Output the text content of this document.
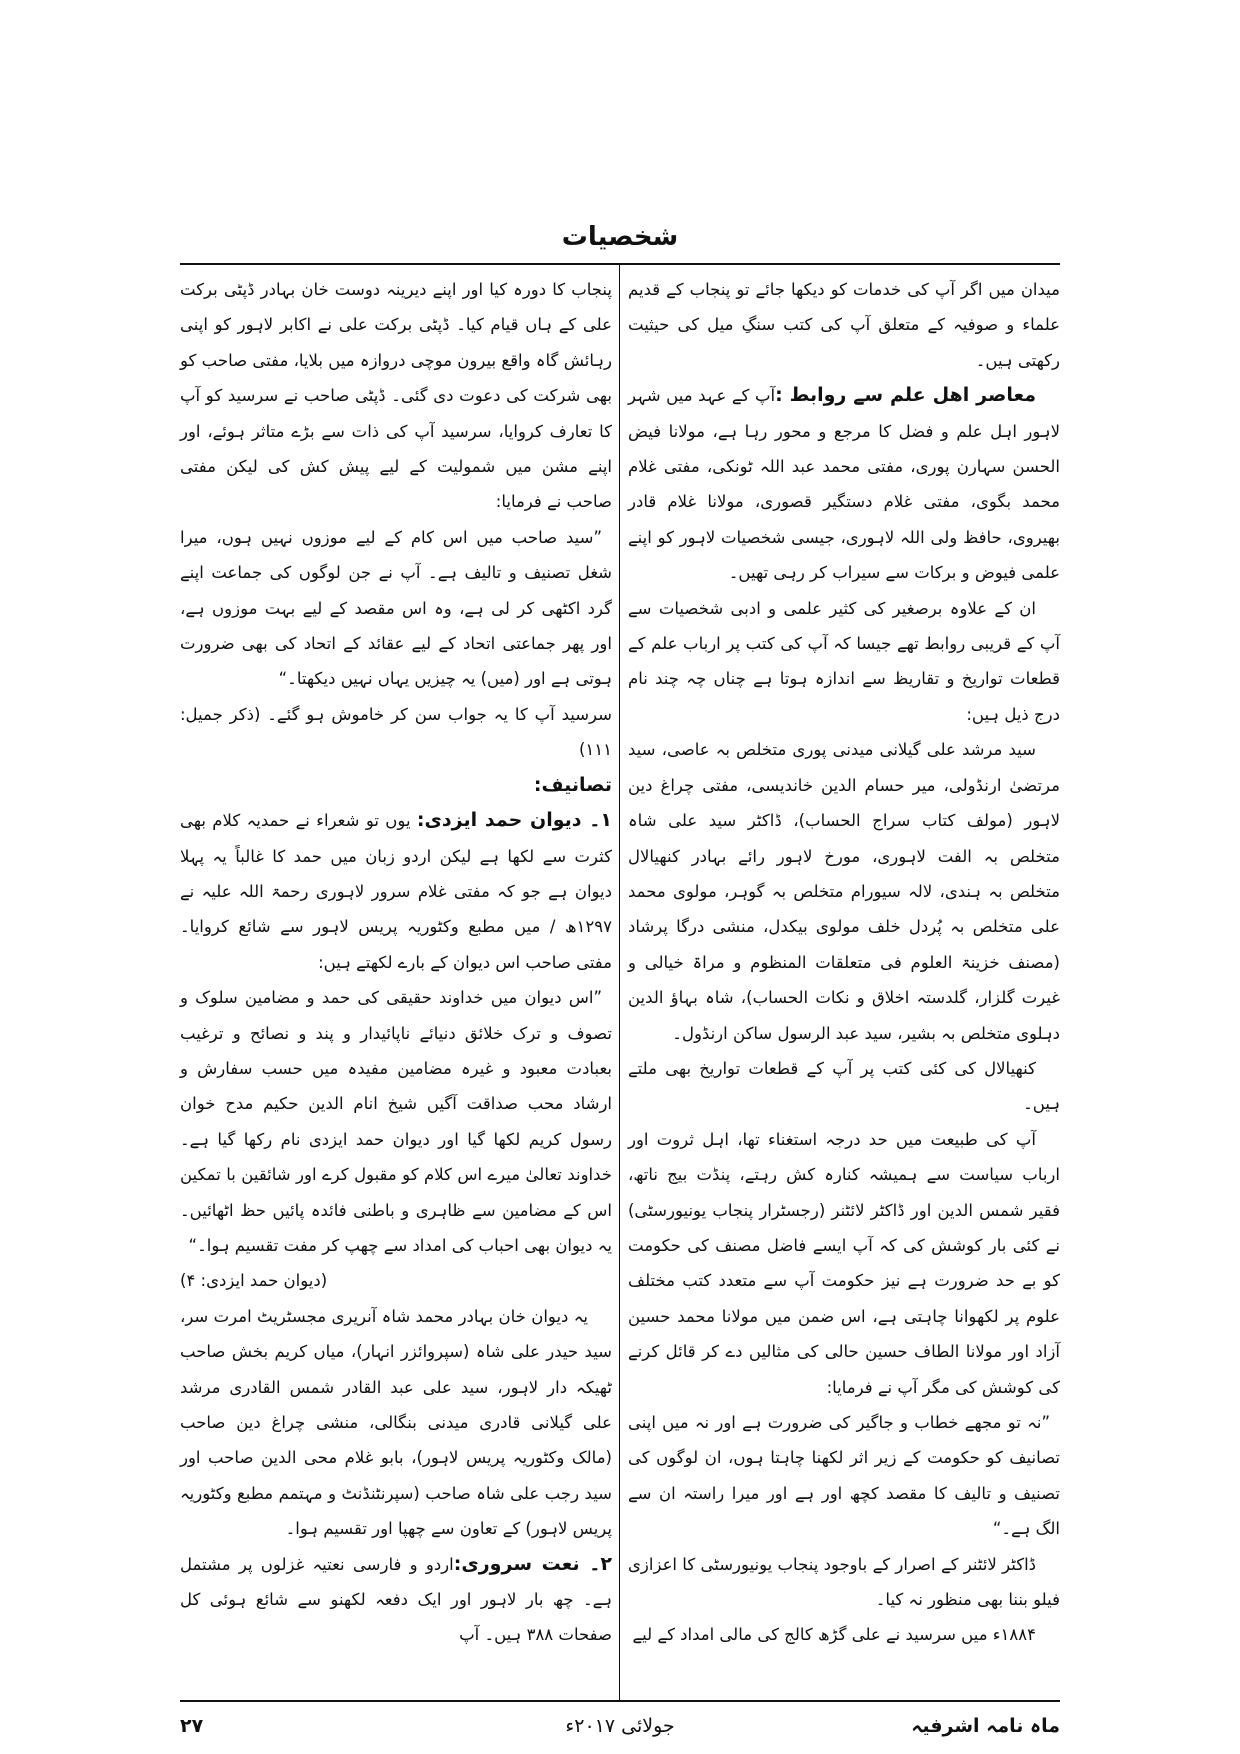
شخصیات

میدان میں اگر آپ کی خدمات کو دیکھا جائے تو پنجاب کے قدیم علماء و صوفیہ کے متعلق آپ کی کتب سنگِ میل کی حیثیت رکھتی ہیں۔

معاصر اھل علم سے روابط :آپ کے عہد میں شہر لاہور اہل علم و فضل کا مرجع و محور رہا ہے، مولانا فیض الحسن سہارن پوری، مفتی محمد عبد اللہ ٹونکی، مفتی غلام محمد بگوی، مفتی غلام دستگیر قصوری، مولانا غلام قادر بھیروی، حافظ ولی اللہ لاہوری، جیسی شخصیات لاہور کو اپنے علمی فیوض و برکات سے سیراب کر رہی تھیں۔

ان کے علاوہ برصغیر کی کثیر علمی و ادبی شخصیات سے آپ کے قریبی روابط تھے جیسا کہ آپ کی کتب پر ارباب علم کے قطعات تواریخ و تقاریظ سے اندازہ ہوتا ہے چناں چہ چند نام درج ذیل ہیں:

سید مرشد علی گیلانی میدنی پوری متخلص بہ عاصی، سید مرتضیٰ ارنڈولی، میر حسام الدین خاندیسی، مفتی چراغ دین لاہور (مولف کتاب سراج الحساب)، ڈاکٹر سید علی شاہ متخلص بہ الفت لاہوری، مورخ لاہور رائے بہادر کنھیالال متخلص بہ ہندی، لالہ سیورام متخلص بہ گوہر، مولوی محمد علی متخلص بہ پُردل خلف مولوی بیکدل، منشی درگا پرشاد (مصنف خزینۃ العلوم فی متعلقات المنظوم و مراۃ خیالی و غیرت گلزار، گلدستہ اخلاق و نکات الحساب)، شاہ بہاؤ الدین دہلوی متخلص بہ بشیر، سید عبد الرسول ساکن ارنڈول۔

کنھیالال کی کئی کتب پر آپ کے قطعات تواریخ بھی ملتے ہیں۔

آپ کی طبیعت میں حد درجہ استغناء تھا، اہل ثروت اور ارباب سیاست سے ہمیشہ کنارہ کش رہتے، پنڈت بیج ناتھ، فقیر شمس الدین اور ڈاکٹر لائٹنر (رجسٹرار پنجاب یونیورسٹی) نے کئی بار کوشش کی کہ آپ ایسے فاضل مصنف کی حکومت کو بے حد ضرورت ہے نیز حکومت آپ سے متعدد کتب مختلف علوم پر لکھوانا چاہتی ہے، اس ضمن میں مولانا محمد حسین آزاد اور مولانا الطاف حسین حالی کی مثالیں دے کر قائل کرنے کی کوشش کی مگر آپ نے فرمایا:

”نہ تو مجھے خطاب و جاگیر کی ضرورت ہے اور نہ میں اپنی تصانیف کو حکومت کے زیر اثر لکھنا چاہتا ہوں، ان لوگوں کی تصنیف و تالیف کا مقصد کچھ اور ہے اور میرا راستہ ان سے الگ ہے۔“

ڈاکٹر لائٹنر کے اصرار کے باوجود پنجاب یونیورسٹی کا اعزازی فیلو بننا بھی منظور نہ کیا۔

۱۸۸۴ء میں سرسید نے علی گڑھ کالج کی مالی امداد کے لیے

پنجاب کا دورہ کیا اور اپنے دیرینہ دوست خان بہادر ڈپٹی برکت علی کے ہاں قیام کیا۔ ڈپٹی برکت علی نے اکابر لاہور کو اپنی رہائش گاہ واقع بیرون موچی دروازہ میں بلایا، مفتی صاحب کو بھی شرکت کی دعوت دی گئی۔ ڈپٹی صاحب نے سرسید کو آپ کا تعارف کروایا، سرسید آپ کی ذات سے بڑے متاثر ہوئے، اور اپنے مشن میں شمولیت کے لیے پیش کش کی لیکن مفتی صاحب نے فرمایا:

”سید صاحب میں اس کام کے لیے موزوں نہیں ہوں، میرا شغل تصنیف و تالیف ہے۔ آپ نے جن لوگوں کی جماعت اپنے گرد اکٹھی کر لی ہے، وہ اس مقصد کے لیے بہت موزوں ہے، اور پھر جماعتی اتحاد کے لیے عقائد کے اتحاد کی بھی ضرورت ہوتی ہے اور (میں) یہ چیزیں یہاں نہیں دیکھتا۔“

سرسید آپ کا یہ جواب سن کر خاموش ہو گئے۔ (ذکر جمیل: ۱۱۱)

تصانیف:

۱۔ دیوان حمد ایزدی: یوں تو شعراء نے حمدیہ کلام بھی کثرت سے لکھا ہے لیکن اردو زبان میں حمد کا غالباً یہ پہلا دیوان ہے جو کہ مفتی غلام سرور لاہوری رحمۃ اللہ علیہ نے ۱۲۹۷ھ / میں مطبع وکٹوریہ پریس لاہور سے شائع کروایا۔ مفتی صاحب اس دیوان کے بارے لکھتے ہیں:

”اس دیوان میں خداوند حقیقی کی حمد و مضامین سلوک و تصوف و ترک خلائق دنیائے ناپائیدار و پند و نصائح و ترغیب بعبادت معبود و غیرہ مضامین مفیدہ میں حسب سفارش و ارشاد محب صداقت آگیں شیخ انام الدین حکیم مدح خوان رسول کریم لکھا گیا اور دیوان حمد ایزدی نام رکھا گیا ہے۔ خداوند تعالیٰ میرے اس کلام کو مقبول کرے اور شائقین با تمکین اس کے مضامین سے ظاہری و باطنی فائدہ پائیں حظ اٹھائیں۔ یہ دیوان بھی احباب کی امداد سے چھپ کر مفت تقسیم ہوا۔“

(دیوان حمد ایزدی: ۴)

یہ دیوان خان بہادر محمد شاہ آنریری مجسٹریٹ امرت سر، سید حیدر علی شاہ (سپروائزر انہار)، میاں کریم بخش صاحب ٹھیکہ دار لاہور، سید علی عبد القادر شمس القادری مرشد علی گیلانی قادری میدنی بنگالی، منشی چراغ دین صاحب (مالک وکٹوریہ پریس لاہور)، بابو غلام محی الدین صاحب اور سید رجب علی شاہ صاحب (سپرنٹنڈنٹ و مہتمم مطبع وکٹوریہ پریس لاہور) کے تعاون سے چھپا اور تقسیم ہوا۔

۲۔ نعت سروری:اردو و فارسی نعتیہ غزلوں پر مشتمل ہے۔ چھ بار لاہور اور ایک دفعہ لکھنو سے شائع ہوئی کل صفحات ۳۸۸ ہیں۔ آپ

ماہ نامہ اشرفیہ
جولائی ۲۰۱۷ء
۲۷
